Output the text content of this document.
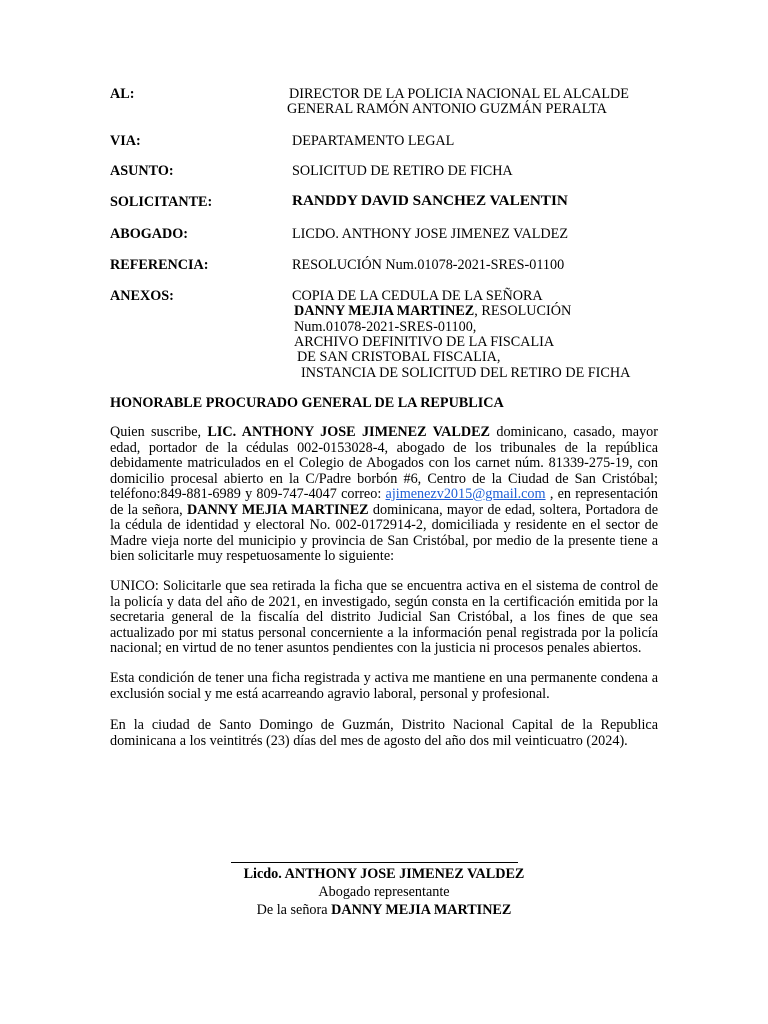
AL:	DIRECTOR DE LA POLICIA NACIONAL EL ALCALDE
GENERAL RAMÓN ANTONIO GUZMÁN PERALTA
VIA:	DEPARTAMENTO LEGAL
ASUNTO:	SOLICITUD DE RETIRO DE FICHA
SOLICITANTE:	RANDDY DAVID SANCHEZ VALENTIN
ABOGADO:	LICDO. ANTHONY JOSE JIMENEZ VALDEZ
REFERENCIA:	RESOLUCIÓN Num.01078-2021-SRES-01100
ANEXOS:	COPIA DE LA CEDULA DE LA SEÑORA
DANNY MEJIA MARTINEZ, RESOLUCIÓN
Num.01078-2021-SRES-01100,
ARCHIVO DEFINITIVO DE LA FISCALIA
DE SAN CRISTOBAL FISCALIA,
INSTANCIA DE SOLICITUD DEL RETIRO DE FICHA
HONORABLE PROCURADO GENERAL DE LA REPUBLICA
Quien suscribe, LIC. ANTHONY JOSE JIMENEZ VALDEZ dominicano, casado, mayor edad, portador de la cédulas 002-0153028-4, abogado de los tribunales de la república debidamente matriculados en el Colegio de Abogados con los carnet núm. 81339-275-19, con domicilio procesal abierto en la C/Padre borbón #6, Centro de la Ciudad de San Cristóbal; teléfono:849-881-6989 y 809-747-4047 correo: ajimenezv2015@gmail.com , en representación de la señora, DANNY MEJIA MARTINEZ dominicana, mayor de edad, soltera, Portadora de la cédula de identidad y electoral No. 002-0172914-2, domiciliada y residente en el sector de Madre vieja norte del municipio y provincia de San Cristóbal, por medio de la presente tiene a bien solicitarle muy respetuosamente lo siguiente:
UNICO: Solicitarle que sea retirada la ficha que se encuentra activa en el sistema de control de la policía y data del año de 2021, en investigado, según consta en la certificación emitida por la secretaria general de la fiscalía del distrito Judicial San Cristóbal, a los fines de que sea actualizado por mi status personal concerniente a la información penal registrada por la policía nacional; en virtud de no tener asuntos pendientes con la justicia ni procesos penales abiertos.
Esta condición de tener una ficha registrada y activa me mantiene en una permanente condena a exclusión social y me está acarreando agravio laboral, personal y profesional.
En la ciudad de Santo Domingo de Guzmán, Distrito Nacional Capital de la Republica dominicana a los veintitrés (23) días del mes de agosto del año dos mil veinticuatro (2024).
Licdo. ANTHONY JOSE JIMENEZ VALDEZ
Abogado representante
De la señora DANNY MEJIA MARTINEZ
